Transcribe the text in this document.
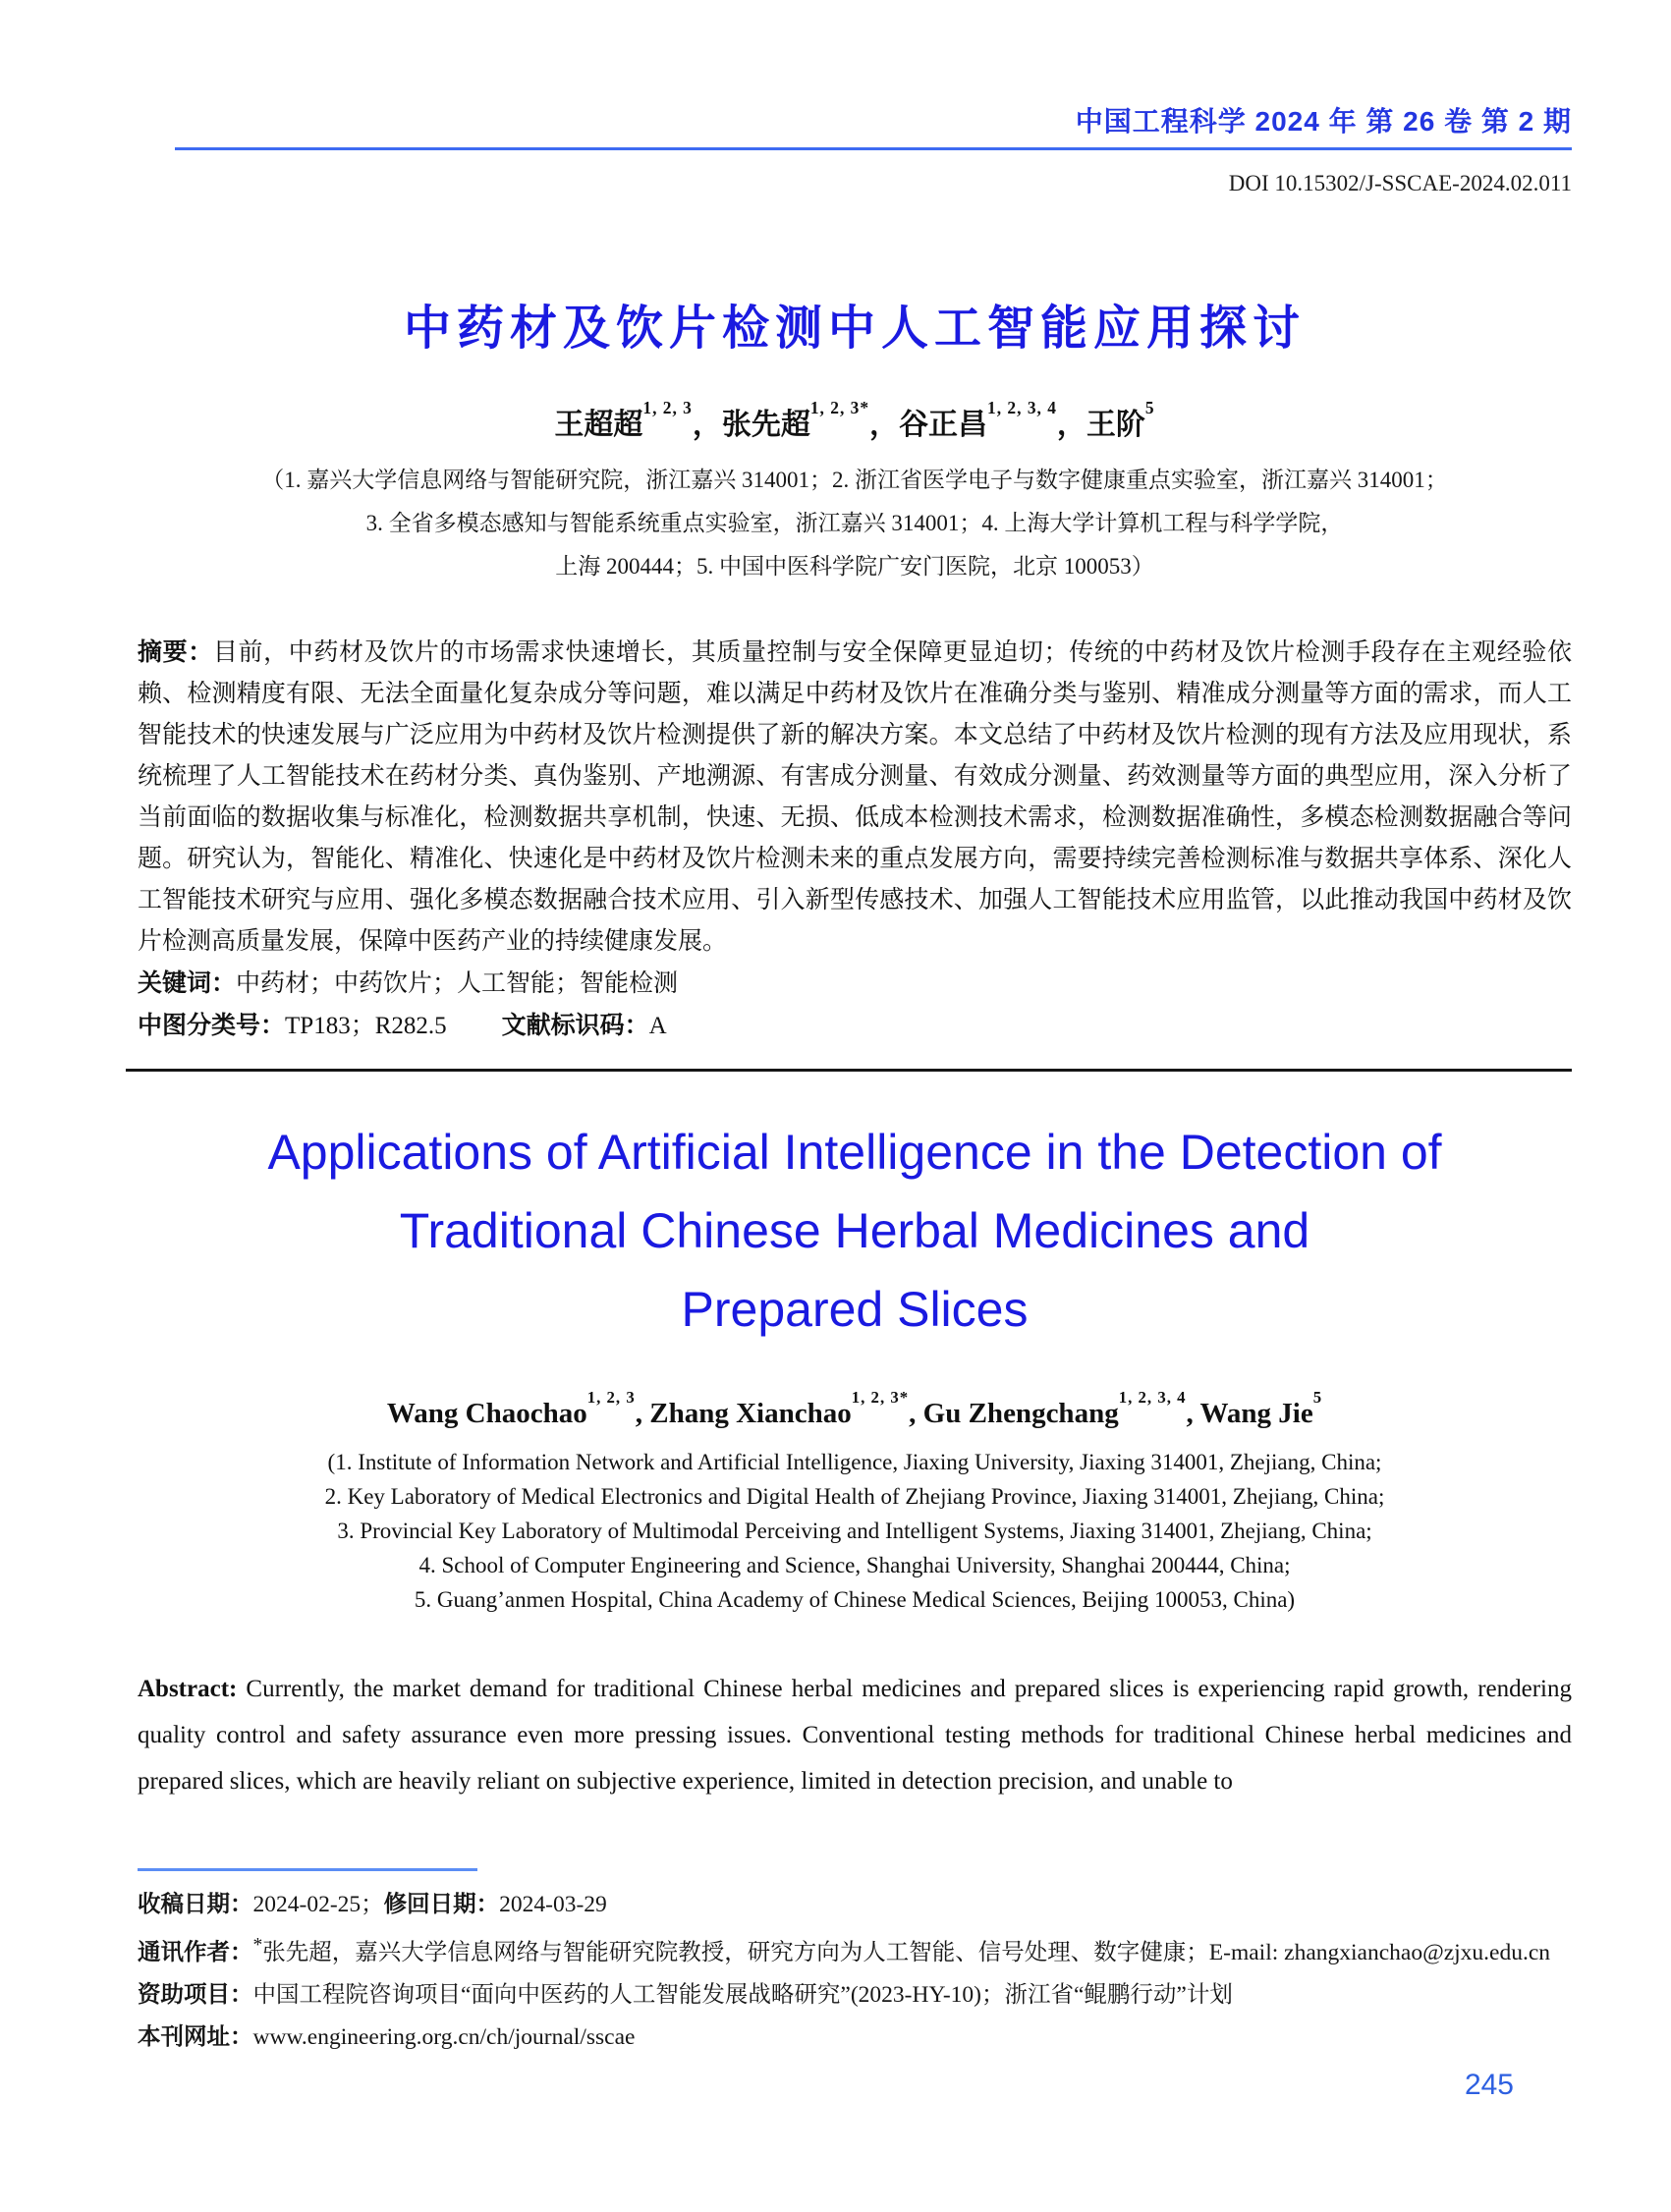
中国工程科学 2024 年 第 26 卷 第 2 期
DOI 10.15302/J-SSCAE-2024.02.011
中药材及饮片检测中人工智能应用探讨
王超超$^{1, 2, 3}$，张先超$^{1, 2, 3*}$，谷正昌$^{1, 2, 3, 4}$，王阶$^5$
（1. 嘉兴大学信息网络与智能研究院，浙江嘉兴 314001；2. 浙江省医学电子与数字健康重点实验室，浙江嘉兴 314001；
3. 全省多模态感知与智能系统重点实验室，浙江嘉兴 314001；4. 上海大学计算机工程与科学学院，
上海 200444；5. 中国中医科学院广安门医院，北京 100053）

摘要：目前，中药材及饮片的市场需求快速增长，其质量控制与安全保障更显迫切；传统的中药材及饮片检测手段存在主观经验依赖、检测精度有限、无法全面量化复杂成分等问题，难以满足中药材及饮片在准确分类与鉴别、精准成分测量等方面的需求，而人工智能技术的快速发展与广泛应用为中药材及饮片检测提供了新的解决方案。本文总结了中药材及饮片检测的现有方法及应用现状，系统梳理了人工智能技术在药材分类、真伪鉴别、产地溯源、有害成分测量、有效成分测量、药效测量等方面的典型应用，深入分析了当前面临的数据收集与标准化，检测数据共享机制，快速、无损、低成本检测技术需求，检测数据准确性，多模态检测数据融合等问题。研究认为，智能化、精准化、快速化是中药材及饮片检测未来的重点发展方向，需要持续完善检测标准与数据共享体系、深化人工智能技术研究与应用、强化多模态数据融合技术应用、引入新型传感技术、加强人工智能技术应用监管，以此推动我国中药材及饮片检测高质量发展，保障中医药产业的持续健康发展。

关键词：中药材；中药饮片；人工智能；智能检测

中图分类号：TP183；R282.5 文献标识码：A

Applications of Artificial Intelligence in the Detection of
Traditional Chinese Herbal Medicines and
Prepared Slices
Wang Chaochao$^{1, 2, 3}$, Zhang Xianchao$^{1, 2, 3*}$, Gu Zhengchang$^{1, 2, 3, 4}$, Wang Jie$^5$
(1. Institute of Information Network and Artificial Intelligence, Jiaxing University, Jiaxing 314001, Zhejiang, China;
2. Key Laboratory of Medical Electronics and Digital Health of Zhejiang Province, Jiaxing 314001, Zhejiang, China;
3. Provincial Key Laboratory of Multimodal Perceiving and Intelligent Systems, Jiaxing 314001, Zhejiang, China;
4. School of Computer Engineering and Science, Shanghai University, Shanghai 200444, China;
5. Guang’anmen Hospital, China Academy of Chinese Medical Sciences, Beijing 100053, China)

Abstract: Currently, the market demand for traditional Chinese herbal medicines and prepared slices is experiencing rapid growth, rendering quality control and safety assurance even more pressing issues. Conventional testing methods for traditional Chinese herbal medicines and prepared slices, which are heavily reliant on subjective experience, limited in detection precision, and unable to

收稿日期：2024-02-25；修回日期：2024-03-29
通讯作者：*张先超，嘉兴大学信息网络与智能研究院教授，研究方向为人工智能、信号处理、数字健康；E-mail: zhangxianchao@zjxu.edu.cn
资助项目：中国工程院咨询项目“面向中医药的人工智能发展战略研究”(2023-HY-10)；浙江省“鲲鹏行动”计划
本刊网址：www.engineering.org.cn/ch/journal/sscae
245
